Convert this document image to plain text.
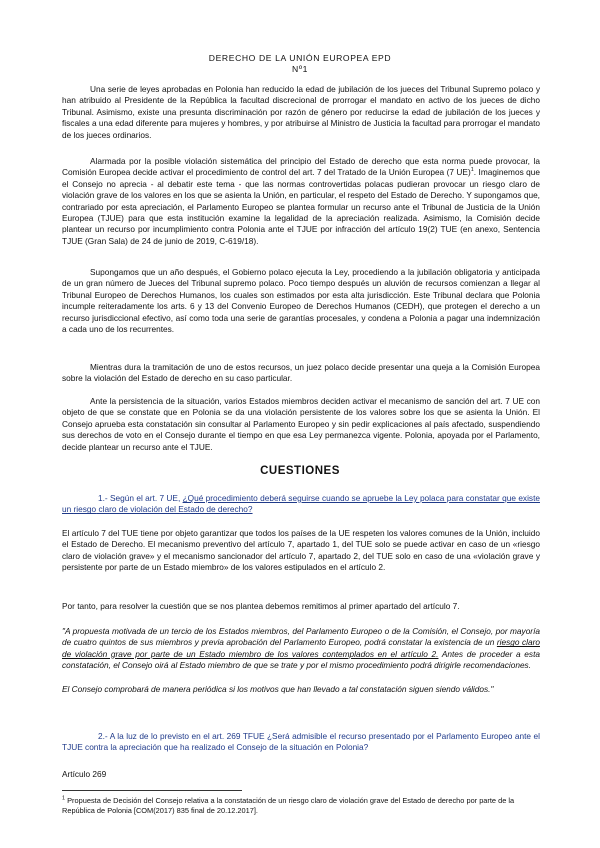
DERECHO DE LA UNIÓN EUROPEA EPD
Nº1

Una serie de leyes aprobadas en Polonia han reducido la edad de jubilación de los jueces del Tribunal Supremo polaco y han atribuido al Presidente de la República la facultad discrecional de prorrogar el mandato en activo de los jueces de dicho Tribunal. Asimismo, existe una presunta discriminación por razón de género por reducirse la edad de jubilación de los jueces y fiscales a una edad diferente para mujeres y hombres, y por atribuirse al Ministro de Justicia la facultad para prorrogar el mandato de los jueces ordinarios.

Alarmada por la posible violación sistemática del principio del Estado de derecho que esta norma puede provocar, la Comisión Europea decide activar el procedimiento de control del art. 7 del Tratado de la Unión Europea (7 UE)$^1$. Imaginemos que el Consejo no aprecia - al debatir este tema - que las normas controvertidas polacas pudieran provocar un riesgo claro de violación grave de los valores en los que se asienta la Unión, en particular, el respeto del Estado de Derecho. Y supongamos que, contrariado por esta apreciación, el Parlamento Europeo se plantea formular un recurso ante el Tribunal de Justicia de la Unión Europea (TJUE) para que esta institución examine la legalidad de la apreciación realizada. Asimismo, la Comisión decide plantear un recurso por incumplimiento contra Polonia ante el TJUE por infracción del artículo 19(2) TUE (en anexo, Sentencia TJUE (Gran Sala) de 24 de junio de 2019, C-619/18).

Supongamos que un año después, el Gobierno polaco ejecuta la Ley, procediendo a la jubilación obligatoria y anticipada de un gran número de Jueces del Tribunal supremo polaco. Poco tiempo después un aluvión de recursos comienzan a llegar al Tribunal Europeo de Derechos Humanos, los cuales son estimados por esta alta jurisdicción. Este Tribunal declara que Polonia incumple reiteradamente los arts. 6 y 13 del Convenio Europeo de Derechos Humanos (CEDH), que protegen el derecho a un recurso jurisdiccional efectivo, así como toda una serie de garantías procesales, y condena a Polonia a pagar una indemnización a cada uno de los recurrentes.

Mientras dura la tramitación de uno de estos recursos, un juez polaco decide presentar una queja a la Comisión Europea sobre la violación del Estado de derecho en su caso particular.

Ante la persistencia de la situación, varios Estados miembros deciden activar el mecanismo de sanción del art. 7 UE con objeto de que se constate que en Polonia se da una violación persistente de los valores sobre los que se asienta la Unión. El Consejo aprueba esta constatación sin consultar al Parlamento Europeo y sin pedir explicaciones al país afectado, suspendiendo sus derechos de voto en el Consejo durante el tiempo en que esa Ley permanezca vigente. Polonia, apoyada por el Parlamento, decide plantear un recurso ante el TJUE.

CUESTIONES

1.- Según el art. 7 UE, ¿Qué procedimiento deberá seguirse cuando se apruebe la Ley polaca para constatar que existe un riesgo claro de violación del Estado de derecho?

El artículo 7 del TUE tiene por objeto garantizar que todos los países de la UE respeten los valores comunes de la Unión, incluido el Estado de Derecho. El mecanismo preventivo del artículo 7, apartado 1, del TUE solo se puede activar en caso de un «riesgo claro de violación grave» y el mecanismo sancionador del artículo 7, apartado 2, del TUE solo en caso de una «violación grave y persistente por parte de un Estado miembro» de los valores estipulados en el artículo 2.

Por tanto, para resolver la cuestión que se nos plantea debemos remitimos al primer apartado del artículo 7.

"A propuesta motivada de un tercio de los Estados miembros, del Parlamento Europeo o de la Comisión, el Consejo, por mayoría de cuatro quintos de sus miembros y previa aprobación del Parlamento Europeo, podrá constatar la existencia de un riesgo claro de violación grave por parte de un Estado miembro de los valores contemplados en el artículo 2. Antes de proceder a esta constatación, el Consejo oirá al Estado miembro de que se trate y por el mismo procedimiento podrá dirigirle recomendaciones.

El Consejo comprobará de manera periódica si los motivos que han llevado a tal constatación siguen siendo válidos."

2.- A la luz de lo previsto en el art. 269 TFUE ¿Será admisible el recurso presentado por el Parlamento Europeo ante el TJUE contra la apreciación que ha realizado el Consejo de la situación en Polonia?

Artículo 269

$^1$ Propuesta de Decisión del Consejo relativa a la constatación de un riesgo claro de violación grave del Estado de derecho por parte de la República de Polonia [COM(2017) 835 final de 20.12.2017].
